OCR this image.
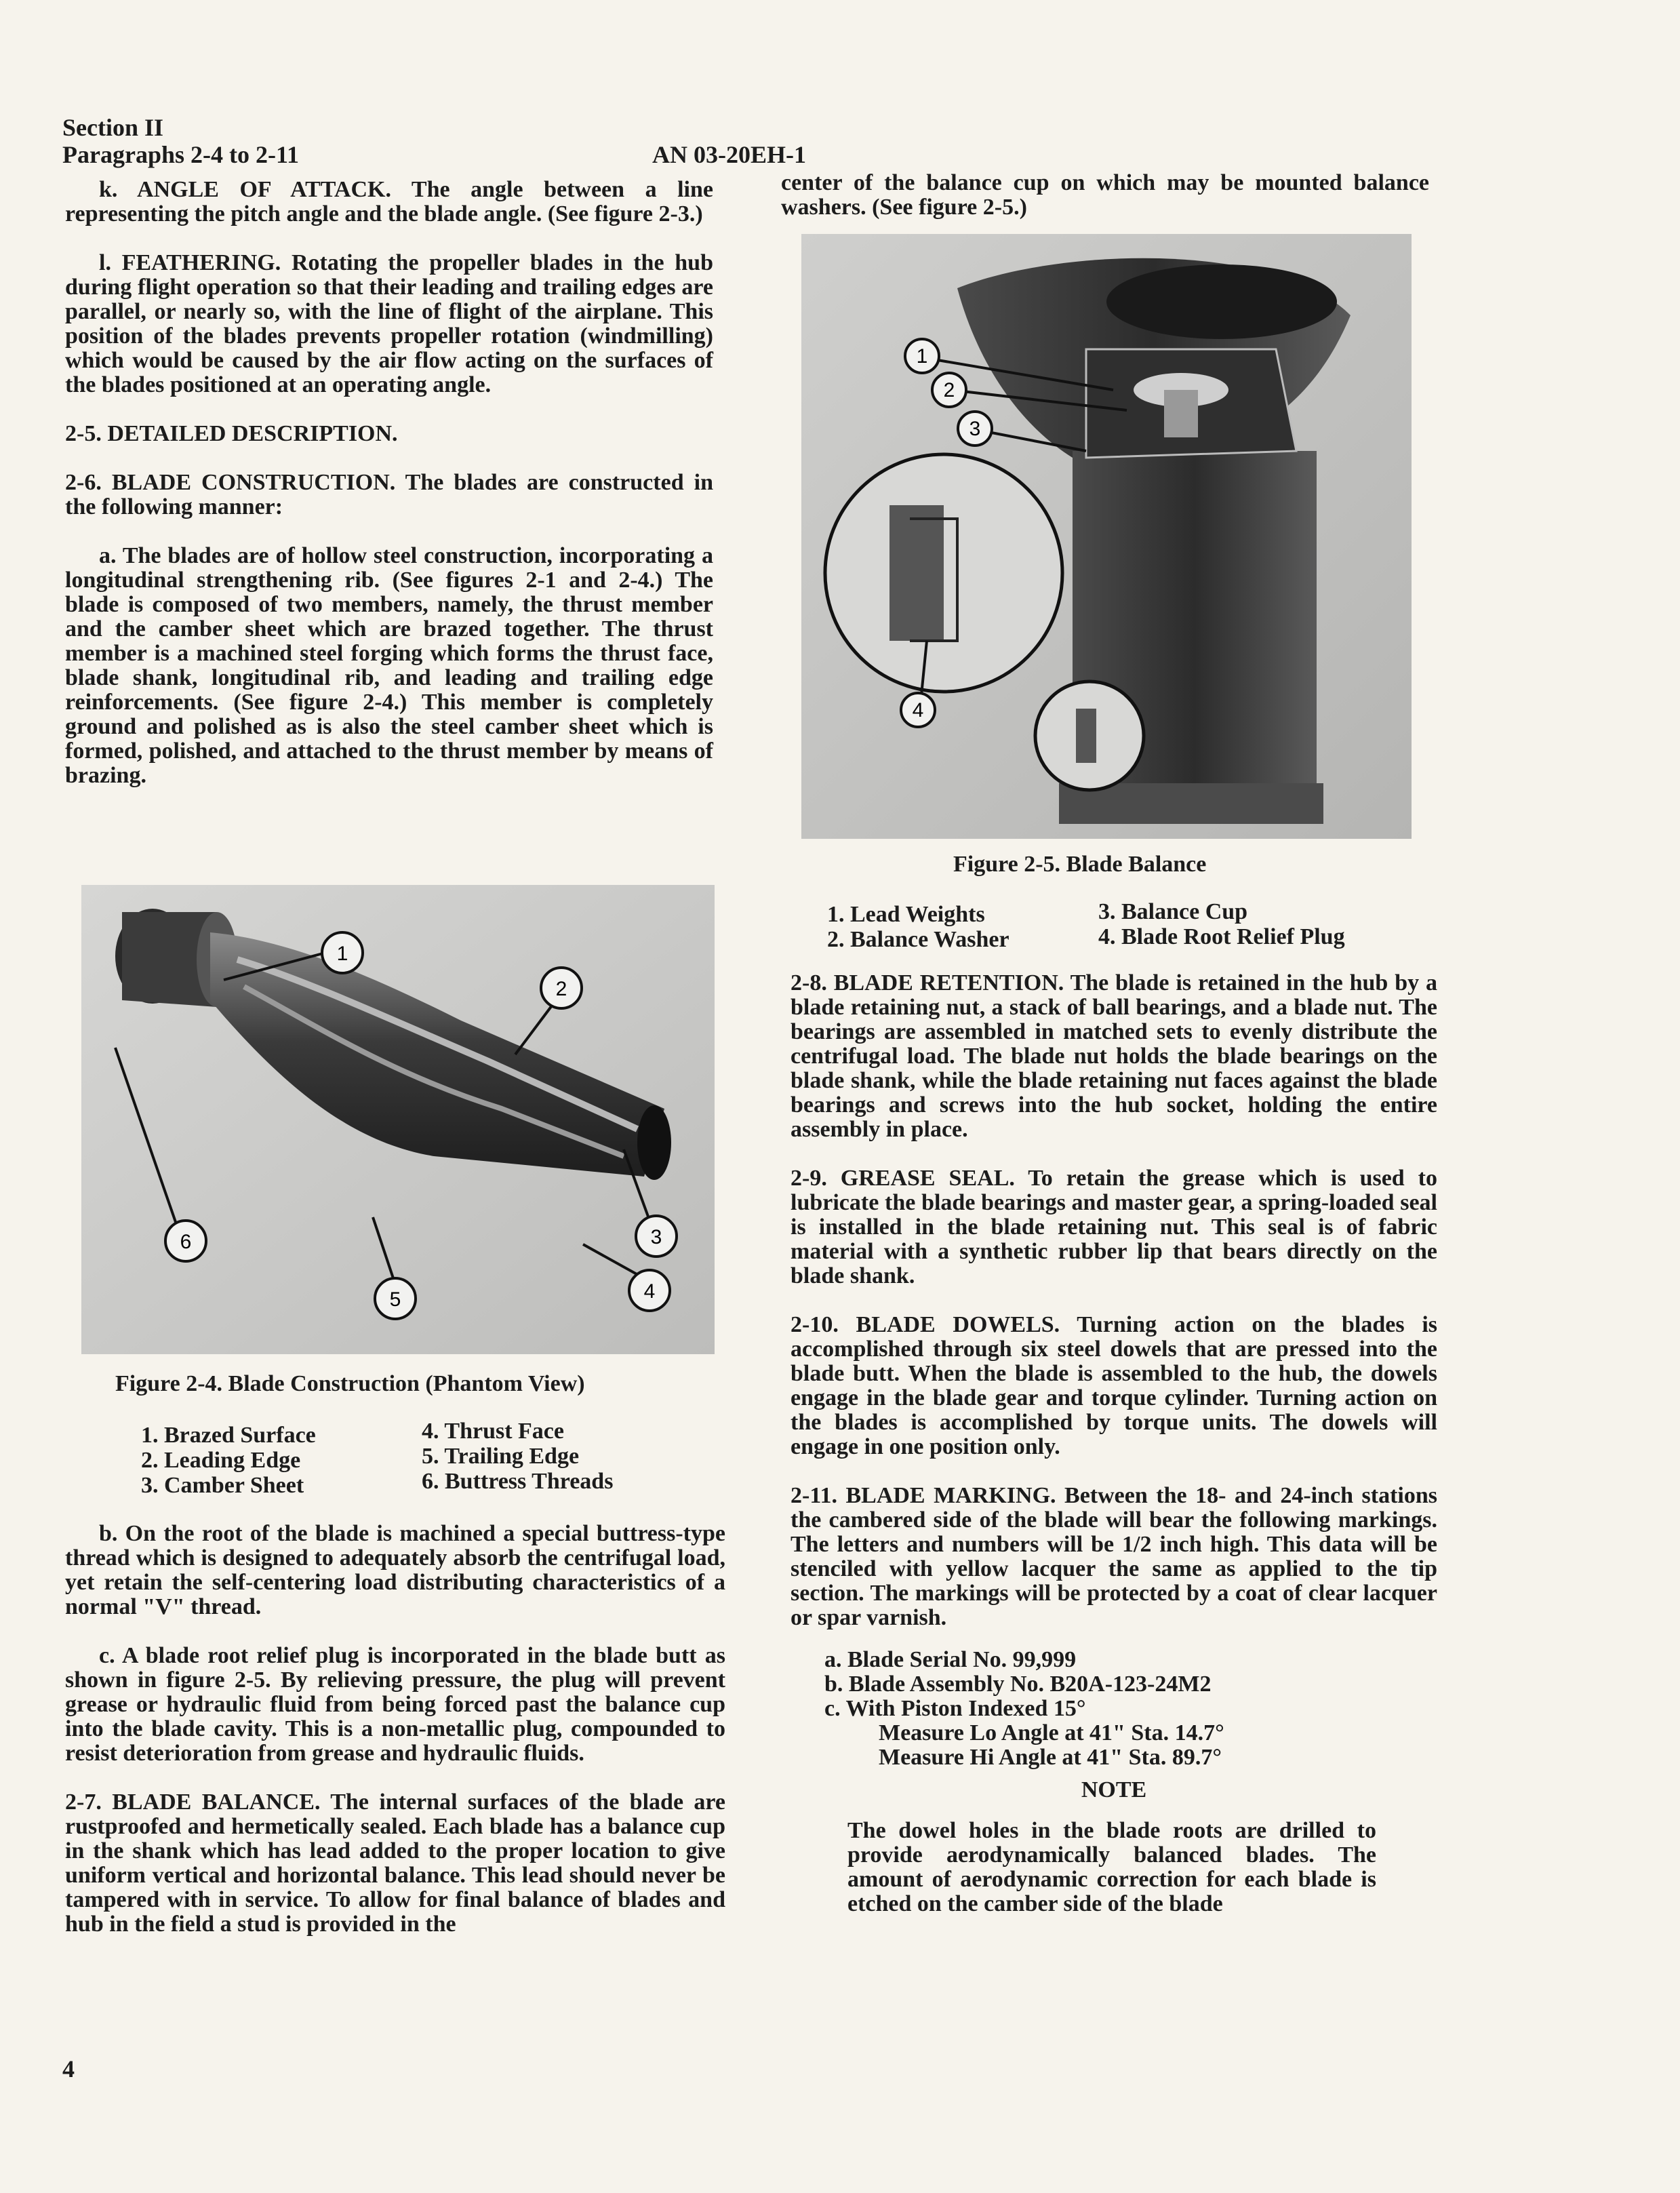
Section II
Paragraphs 2-4 to 2-11	AN 03-20EH-1

k. ANGLE OF ATTACK. The angle between a line representing the pitch angle and the blade angle. (See figure 2-3.)

l. FEATHERING. Rotating the propeller blades in the hub during flight operation so that their leading and trailing edges are parallel, or nearly so, with the line of flight of the airplane. This position of the blades prevents propeller rotation (windmilling) which would be caused by the air flow acting on the surfaces of the blades positioned at an operating angle.

2-5. DETAILED DESCRIPTION.

2-6. BLADE CONSTRUCTION. The blades are constructed in the following manner:

a. The blades are of hollow steel construction, incorporating a longitudinal strengthening rib. (See figures 2-1 and 2-4.) The blade is composed of two members, namely, the thrust member and the camber sheet which are brazed together. The thrust member is a machined steel forging which forms the thrust face, blade shank, longitudinal rib, and leading and trailing edge reinforcements. (See figure 2-4.) This member is completely ground and polished as is also the steel camber sheet which is formed, polished, and attached to the thrust member by means of brazing.

1
2
3
4
5
6
Figure 2-4. Blade Construction (Phantom View)
1. Brazed Surface
2. Leading Edge
3. Camber Sheet
4. Thrust Face
5. Trailing Edge
6. Buttress Threads

b. On the root of the blade is machined a special buttress-type thread which is designed to adequately absorb the centrifugal load, yet retain the self-centering load distributing characteristics of a normal "V" thread.

c. A blade root relief plug is incorporated in the blade butt as shown in figure 2-5. By relieving pressure, the plug will prevent grease or hydraulic fluid from being forced past the balance cup into the blade cavity. This is a non-metallic plug, compounded to resist deterioration from grease and hydraulic fluids.

2-7. BLADE BALANCE. The internal surfaces of the blade are rustproofed and hermetically sealed. Each blade has a balance cup in the shank which has lead added to the proper location to give uniform vertical and horizontal balance. This lead should never be tampered with in service. To allow for final balance of blades and hub in the field a stud is provided in the

center of the balance cup on which may be mounted balance washers. (See figure 2-5.)

1
2
3
4
Figure 2-5. Blade Balance
1. Lead Weights
2. Balance Washer
3. Balance Cup
4. Blade Root Relief Plug

2-8. BLADE RETENTION. The blade is retained in the hub by a blade retaining nut, a stack of ball bearings, and a blade nut. The bearings are assembled in matched sets to evenly distribute the centrifugal load. The blade nut holds the blade bearings on the blade shank, while the blade retaining nut faces against the blade bearings and screws into the hub socket, holding the entire assembly in place.

2-9. GREASE SEAL. To retain the grease which is used to lubricate the blade bearings and master gear, a spring-loaded seal is installed in the blade retaining nut. This seal is of fabric material with a synthetic rubber lip that bears directly on the blade shank.

2-10. BLADE DOWELS. Turning action on the blades is accomplished through six steel dowels that are pressed into the blade butt. When the blade is assembled to the hub, the dowels engage in the blade gear and torque cylinder. Turning action on the blades is accomplished by torque units. The dowels will engage in one position only.

2-11. BLADE MARKING. Between the 18- and 24-inch stations the cambered side of the blade will bear the following markings. The letters and numbers will be 1/2 inch high. This data will be stenciled with yellow lacquer the same as applied to the tip section. The markings will be protected by a coat of clear lacquer or spar varnish.

a. Blade Serial No. 99,999

b. Blade Assembly No. B20A-123-24M2

c. With Piston Indexed 15°

Measure Lo Angle at 41" Sta. 14.7°

Measure Hi Angle at 41" Sta. 89.7°

NOTE

The dowel holes in the blade roots are drilled to provide aerodynamically balanced blades. The amount of aerodynamic correction for each blade is etched on the camber side of the blade

4
